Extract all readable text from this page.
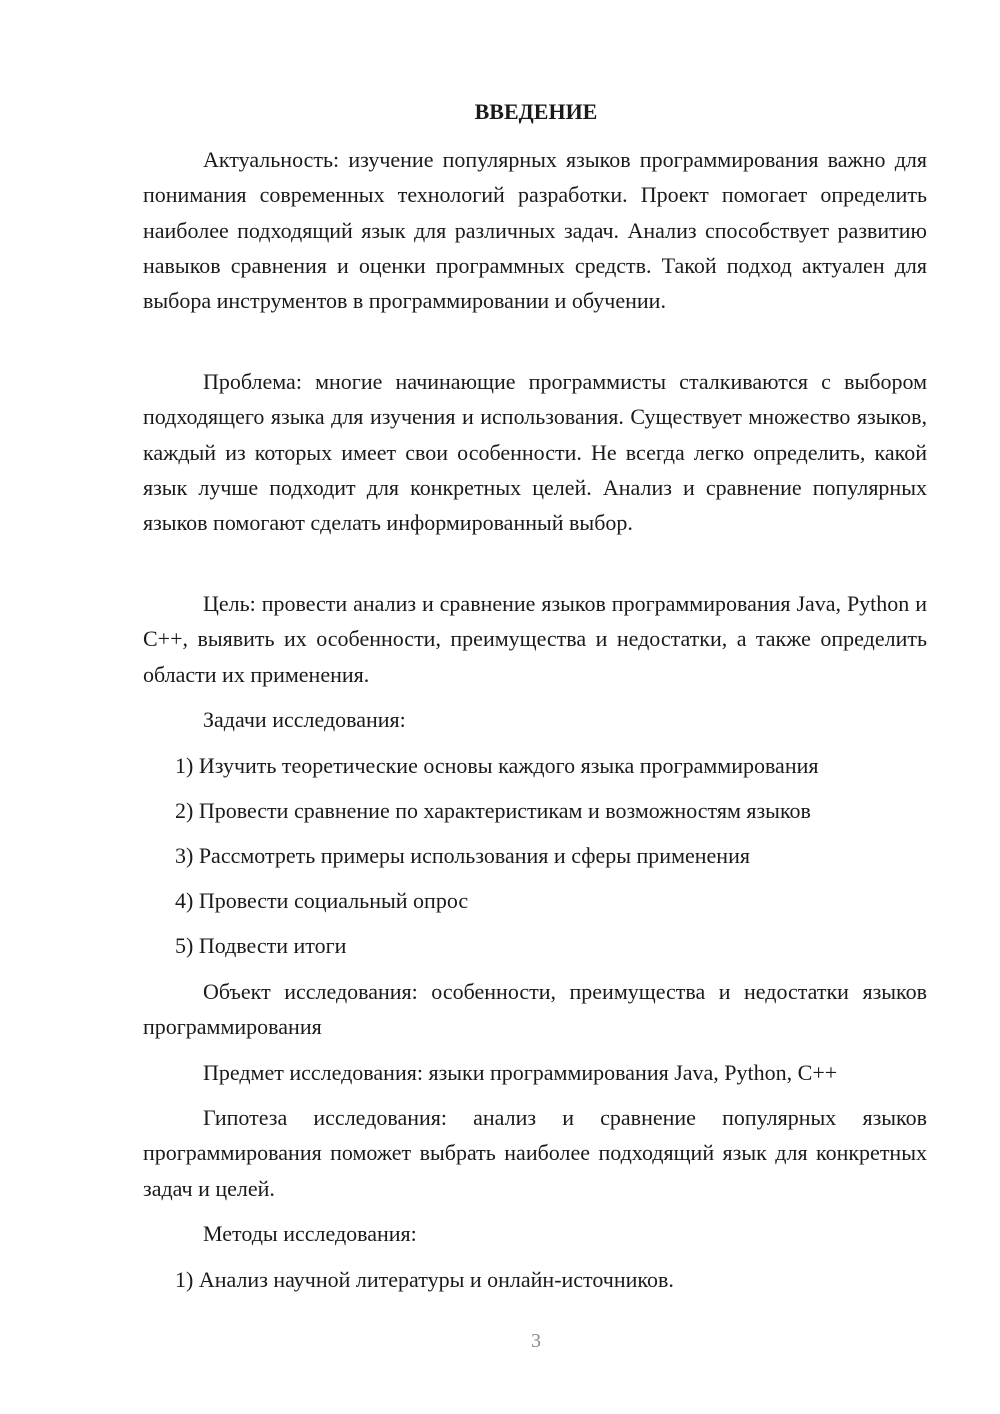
ВВЕДЕНИЕ

Актуальность: изучение популярных языков программирования важно для понимания современных технологий разработки. Проект помогает определить наиболее подходящий язык для различных задач. Анализ способствует развитию навыков сравнения и оценки программных средств. Такой подход актуален для выбора инструментов в программировании и обучении.

Проблема: многие начинающие программисты сталкиваются с выбором подходящего языка для изучения и использования. Существует множество языков, каждый из которых имеет свои особенности. Не всегда легко определить, какой язык лучше подходит для конкретных целей. Анализ и сравнение популярных языков помогают сделать информированный выбор.

Цель: провести анализ и сравнение языков программирования Java, Python и C++, выявить их особенности, преимущества и недостатки, а также определить области их применения.

Задачи исследования:

1) Изучить теоретические основы каждого языка программирования

2) Провести сравнение по характеристикам и возможностям языков

3) Рассмотреть примеры использования и сферы применения

4) Провести социальный опрос

5) Подвести итоги

Объект исследования: особенности, преимущества и недостатки языков программирования

Предмет исследования: языки программирования Java, Python, C++

Гипотеза исследования: анализ и сравнение популярных языков программирования поможет выбрать наиболее подходящий язык для конкретных задач и целей.

Методы исследования:

1) Анализ научной литературы и онлайн-источников.

3
